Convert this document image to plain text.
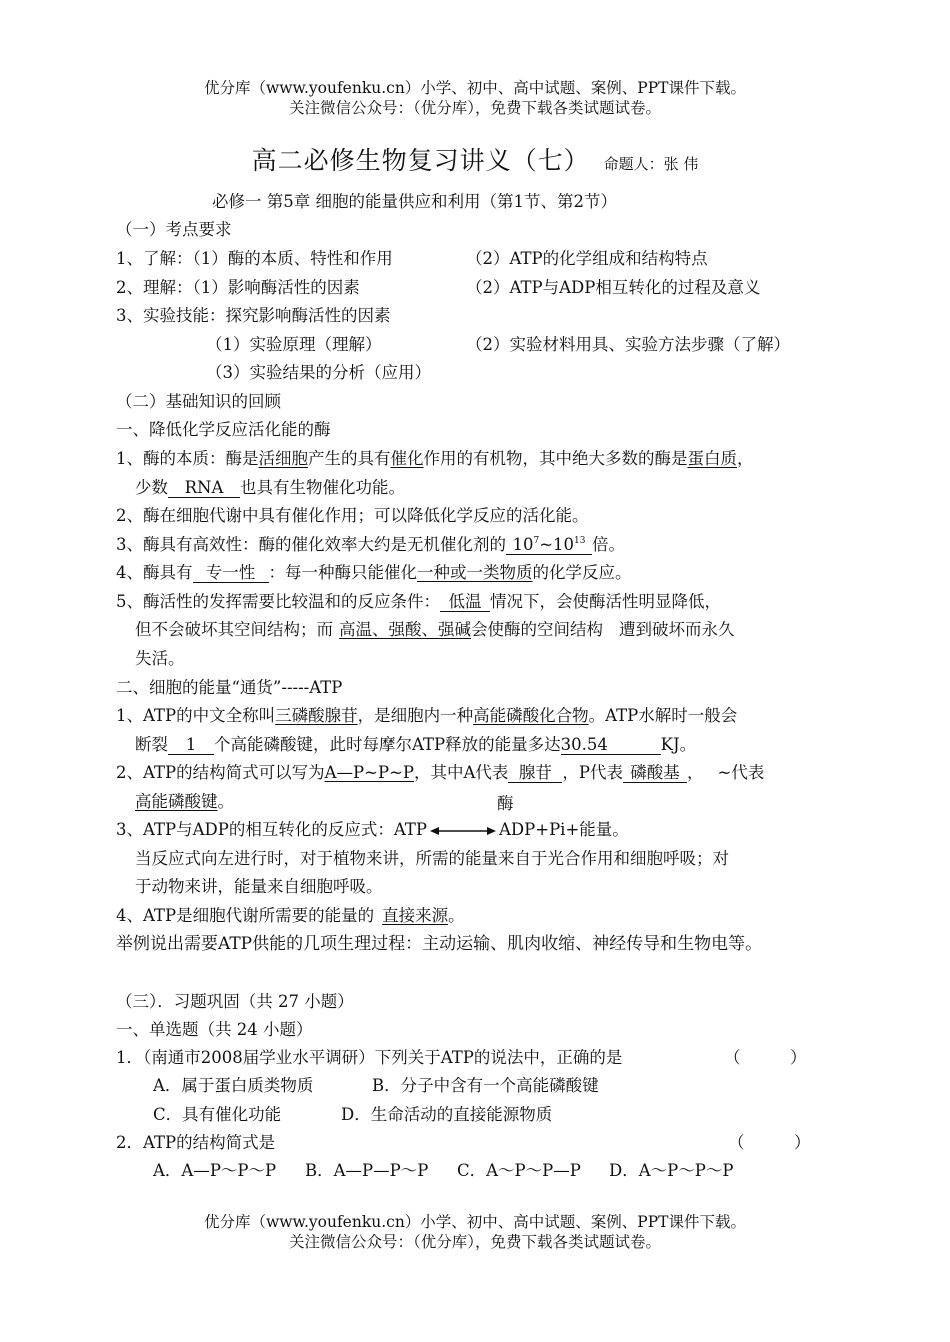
优分库（www.youfenku.cn）小学、初中、高中试题、案例、PPT课件下载。
关注微信公众号：（优分库），免费下载各类试题试卷。
高二必修生物复习讲义（七） 命题人：张 伟
必修一 第5章 细胞的能量供应和利用（第1节、第2节）
（一）考点要求
1、了解：（1）酶的本质、特性和作用	（2）ATP的化学组成和结构特点
2、理解：（1）影响酶活性的因素	（2）ATP与ADP相互转化的过程及意义
3、实验技能：探究影响酶活性的因素
（1）实验原理（理解）	（2）实验材料用具、实验方法步骤（了解）
（3）实验结果的分析（应用）
（二）基础知识的回顾
一、降低化学反应活化能的酶
1、酶的本质：酶是活细胞产生的具有催化作用的有机物，其中绝大多数的酶是蛋白质，
少数 RNA 也具有生物催化功能。
2、酶在细胞代谢中具有催化作用；可以降低化学反应的活化能。
3、酶具有高效性：酶的催化效率大约是无机催化剂的 $10^7\sim 10^{13}$ 倍。
4、酶具有 专一性 ：每一种酶只能催化一种或一类物质的化学反应。
5、酶活性的发挥需要比较温和的反应条件： 低温 情况下，会使酶活性明显降低，
但不会破坏其空间结构；而 高温、强酸、强碱会使酶的空间结构 遭到破坏而永久
失活。
二、细胞的能量“通货”-----ATP
1、ATP的中文全称叫三磷酸腺苷，是细胞内一种高能磷酸化合物。ATP水解时一般会
断裂 1 个高能磷酸键，此时每摩尔ATP释放的能量多达30.54	KJ。
2、ATP的结构简式可以写为A—P~P~P，其中A代表 腺苷 ，P代表 磷酸基 ， ~代表
高能磷酸键。	酶
3、ATP与ADP的相互转化的反应式：ATP	ADP+Pi+能量。
当反应式向左进行时，对于植物来讲，所需的能量来自于光合作用和细胞呼吸；对
于动物来讲，能量来自细胞呼吸。
4、ATP是细胞代谢所需要的能量的 直接来源。
举例说出需要ATP供能的几项生理过程：主动运输、肌肉收缩、神经传导和生物电等。
（三）．习题巩固（共 27 小题）
一、单选题（共 24 小题）
1．（南通市2008届学业水平调研）下列关于ATP的说法中，正确的是	（　　　）
A．属于蛋白质类物质	B．分子中含有一个高能磷酸键
C．具有催化功能	D．生命活动的直接能源物质
2．ATP的结构简式是	（　　　）
A．A—P～P～P B．A—P—P～P C．A～P～P—P D．A～P～P～P
优分库（www.youfenku.cn）小学、初中、高中试题、案例、PPT课件下载。
关注微信公众号：（优分库），免费下载各类试题试卷。
